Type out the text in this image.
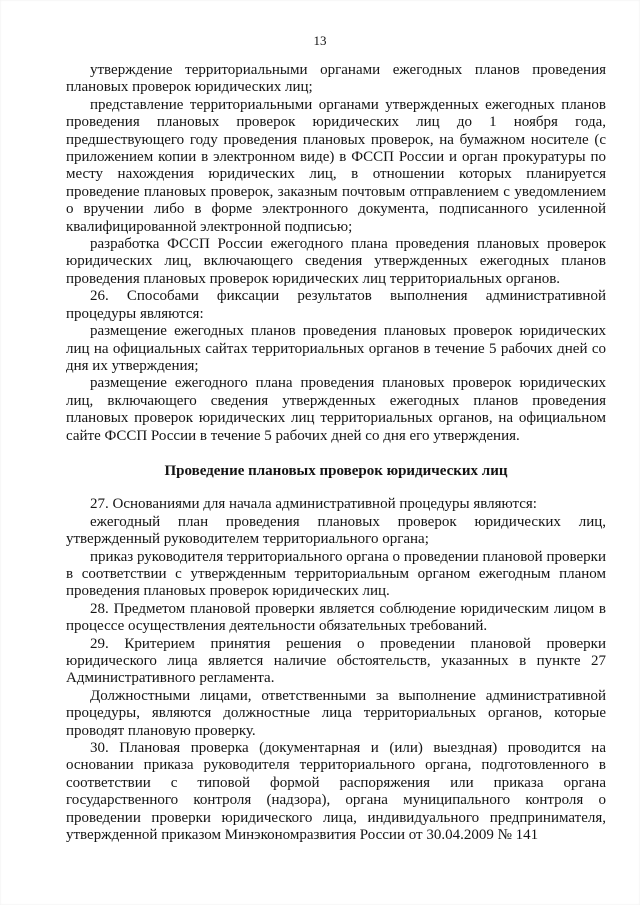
13

утверждение территориальными органами ежегодных планов проведения плановых проверок юридических лиц;

представление территориальными органами утвержденных ежегодных планов проведения плановых проверок юридических лиц до 1 ноября года, предшествующего году проведения плановых проверок, на бумажном носителе (с приложением копии в электронном виде) в ФССП России и орган прокуратуры по месту нахождения юридических лиц, в отношении которых планируется проведение плановых проверок, заказным почтовым отправлением с уведомлением о вручении либо в форме электронного документа, подписанного усиленной квалифицированной электронной подписью;

разработка ФССП России ежегодного плана проведения плановых проверок юридических лиц, включающего сведения утвержденных ежегодных планов проведения плановых проверок юридических лиц территориальных органов.

26. Способами фиксации результатов выполнения административной процедуры являются:

размещение ежегодных планов проведения плановых проверок юридических лиц на официальных сайтах территориальных органов в течение 5 рабочих дней со дня их утверждения;

размещение ежегодного плана проведения плановых проверок юридических лиц, включающего сведения утвержденных ежегодных планов проведения плановых проверок юридических лиц территориальных органов, на официальном сайте ФССП России в течение 5 рабочих дней со дня его утверждения.

Проведение плановых проверок юридических лиц

27. Основаниями для начала административной процедуры являются:

ежегодный план проведения плановых проверок юридических лиц, утвержденный руководителем территориального органа;

приказ руководителя территориального органа о проведении плановой проверки в соответствии с утвержденным территориальным органом ежегодным планом проведения плановых проверок юридических лиц.

28. Предметом плановой проверки является соблюдение юридическим лицом в процессе осуществления деятельности обязательных требований.

29. Критерием принятия решения о проведении плановой проверки юридического лица является наличие обстоятельств, указанных в пункте 27 Административного регламента.

Должностными лицами, ответственными за выполнение административной процедуры, являются должностные лица территориальных органов, которые проводят плановую проверку.

30. Плановая проверка (документарная и (или) выездная) проводится на основании приказа руководителя территориального органа, подготовленного в соответствии с типовой формой распоряжения или приказа органа государственного контроля (надзора), органа муниципального контроля о проведении проверки юридического лица, индивидуального предпринимателя, утвержденной приказом Минэкономразвития России от 30.04.2009 № 141
